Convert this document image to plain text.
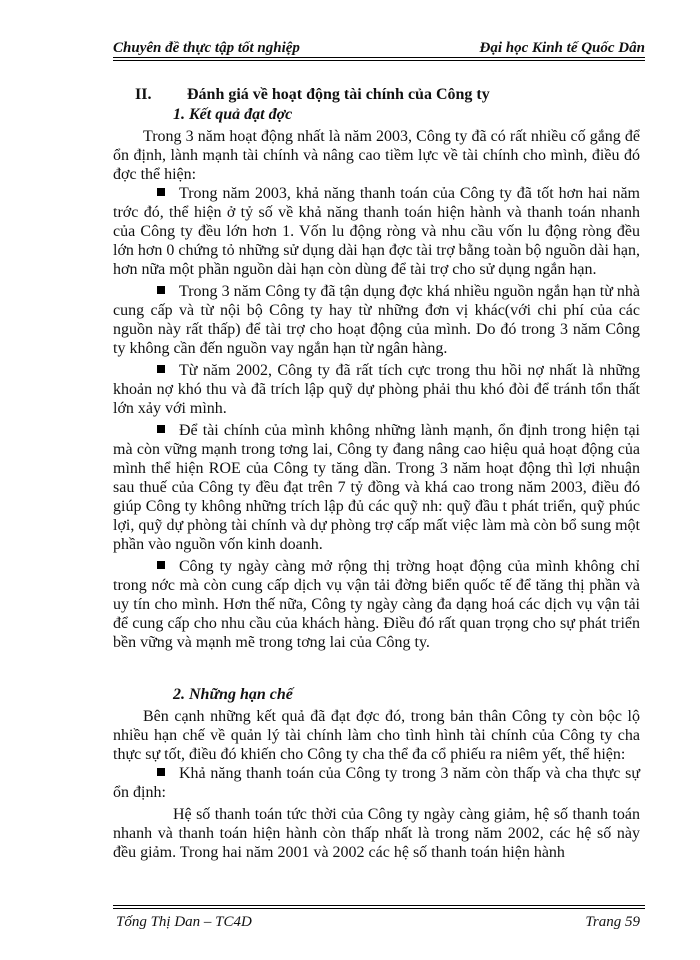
Chuyên đề thực tập tốt nghiệp	Đại học Kinh tế Quốc Dân
II. Đánh giá về hoạt động tài chính của Công ty
1. Kết quả đạt đợc

Trong 3 năm hoạt động nhất là năm 2003, Công ty đã có rất nhiều cố gắng để ổn định, lành mạnh tài chính và nâng cao tiềm lực về tài chính cho mình, điều đó đợc thể hiện:

Trong năm 2003, khả năng thanh toán của Công ty đã tốt hơn hai năm trớc đó, thể hiện ở tỷ số về khả năng thanh toán hiện hành và thanh toán nhanh của Công ty đều lớn hơn 1. Vốn lu động ròng và nhu cầu vốn lu động ròng đều lớn hơn 0 chứng tỏ những sử dụng dài hạn đợc tài trợ bằng toàn bộ nguồn dài hạn, hơn nữa một phần nguồn dài hạn còn dùng để tài trợ cho sử dụng ngắn hạn.

Trong 3 năm Công ty đã tận dụng đợc khá nhiều nguồn ngắn hạn từ nhà cung cấp và từ nội bộ Công ty hay từ những đơn vị khác(với chi phí của các nguồn này rất thấp) để tài trợ cho hoạt động của mình. Do đó trong 3 năm Công ty không cần đến nguồn vay ngắn hạn từ ngân hàng.

Từ năm 2002, Công ty đã rất tích cực trong thu hồi nợ nhất là những khoản nợ khó thu và đã trích lập quỹ dự phòng phải thu khó đòi để tránh tổn thất lớn xảy với mình.

Để tài chính của mình không những lành mạnh, ổn định trong hiện tại mà còn vững mạnh trong tơng lai, Công ty đang nâng cao hiệu quả hoạt động của mình thể hiện ROE của Công ty tăng dần. Trong 3 năm hoạt động thì lợi nhuận sau thuế của Công ty đều đạt trên 7 tỷ đồng và khá cao trong năm 2003, điều đó giúp Công ty không những trích lập đủ các quỹ nh: quỹ đầu t phát triển, quỹ phúc lợi, quỹ dự phòng tài chính và dự phòng trợ cấp mất việc làm mà còn bổ sung một phần vào nguồn vốn kinh doanh.

Công ty ngày càng mở rộng thị trờng hoạt động của mình không chỉ trong nớc mà còn cung cấp dịch vụ vận tải đờng biển quốc tế để tăng thị phần và uy tín cho mình. Hơn thế nữa, Công ty ngày càng đa dạng hoá các dịch vụ vận tải để cung cấp cho nhu cầu của khách hàng. Điều đó rất quan trọng cho sự phát triển bền vững và mạnh mẽ trong tơng lai của Công ty.

2. Những hạn chế

Bên cạnh những kết quả đã đạt đợc đó, trong bản thân Công ty còn bộc lộ nhiều hạn chế về quản lý tài chính làm cho tình hình tài chính của Công ty cha thực sự tốt, điều đó khiến cho Công ty cha thể đa cổ phiếu ra niêm yết, thể hiện:

Khả năng thanh toán của Công ty trong 3 năm còn thấp và cha thực sự ổn định:

Hệ số thanh toán tức thời của Công ty ngày càng giảm, hệ số thanh toán nhanh và thanh toán hiện hành còn thấp nhất là trong năm 2002, các hệ số này đều giảm. Trong hai năm 2001 và 2002 các hệ số thanh toán hiện hành

Tống Thị Dan – TC4D	Trang 59
